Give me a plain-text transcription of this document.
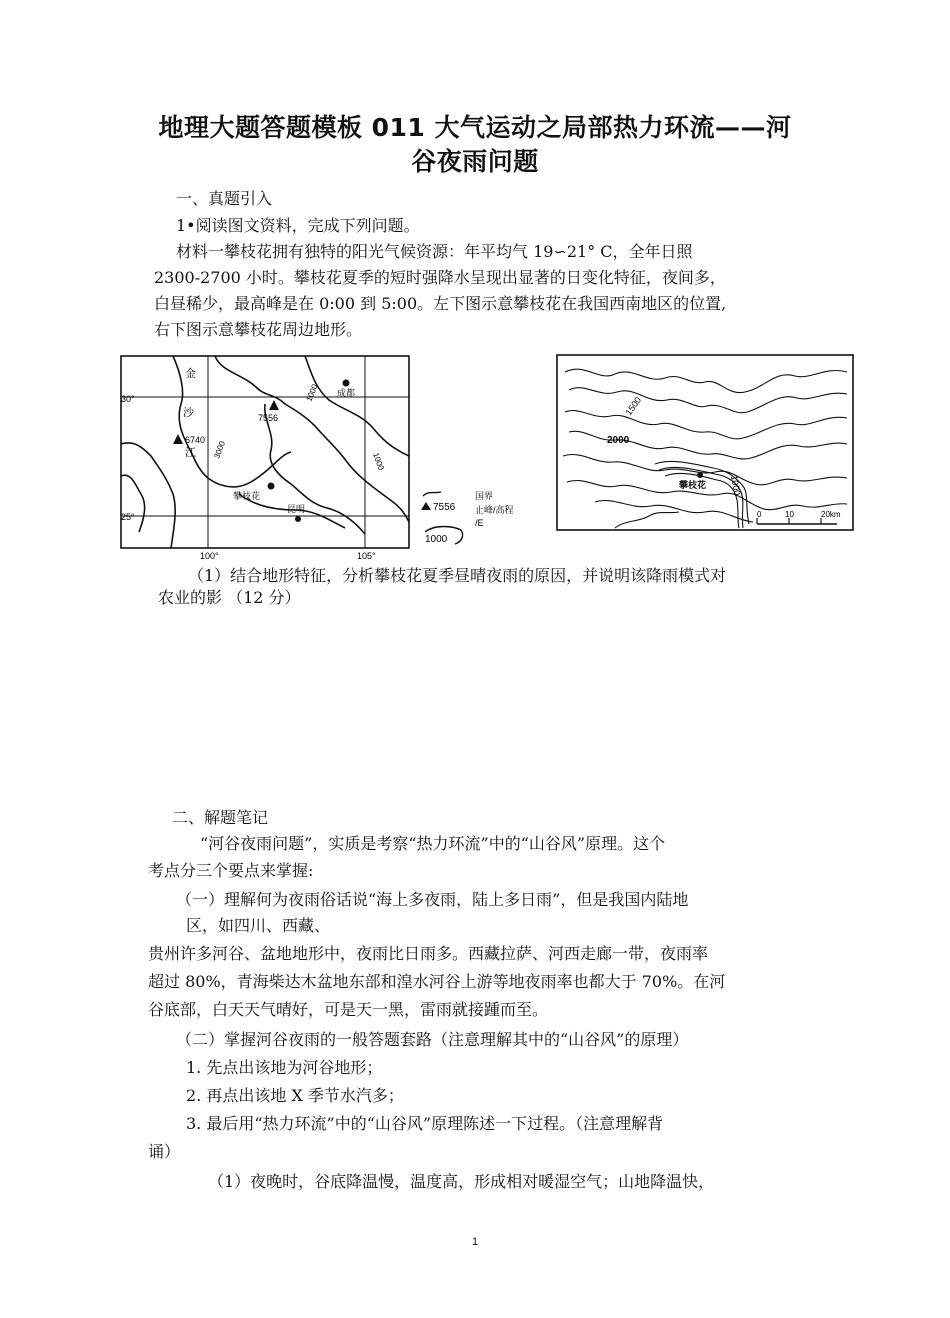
地理大题答题模板 011 大气运动之局部热力环流——河
谷夜雨问题
一、真题引入
1•阅读图文资料，完成下列问题。
材料一攀枝花拥有独特的阳光气候资源：年平均气 19∽21° C，全年日照
2300-2700 小时。攀枝花夏季的短时强降水呈现出显著的日变化特征，夜间多，
白昼稀少，最高峰是在 0:00 到 5:00。左下图示意攀枝花在我国西南地区的位置,
右下图示意攀枝花周边地形。
金
沙
江
成都
昆明
攀枝花
7556
6740
30°
25°
100°	105°
1000
1000
3000
7556
国界
止峰/高程
/E
1000
1500
2000
1000
攀枝花
0	10	20km
（1）结合地形特征，分析攀枝花夏季昼晴夜雨的原因，并说明该降雨模式对
农业的影 （12 分）
二、解题笔记
“河谷夜雨问题”，实质是考察“热力环流”中的“山谷风”原理。这个
考点分三个要点来掌握:
（一）理解何为夜雨俗话说“海上多夜雨，陆上多日雨”，但是我国内陆地
区，如四川、西藏、
贵州许多河谷、盆地地形中，夜雨比日雨多。西藏拉萨、河西走廊一带，夜雨率
超过 80%，青海柴达木盆地东部和湟水河谷上游等地夜雨率也都大于 70%。在河
谷底部，白天天气晴好，可是天一黑，雷雨就接踵而至。
（二）掌握河谷夜雨的一般答题套路（注意理解其中的“山谷风”的原理）
1. 先点出该地为河谷地形；
2. 再点出该地 X 季节水汽多；
3. 最后用“热力环流”中的“山谷风”原理陈述一下过程。（注意理解背
诵）
（1）夜晚时，谷底降温慢，温度高，形成相对暖湿空气；山地降温快，
1
